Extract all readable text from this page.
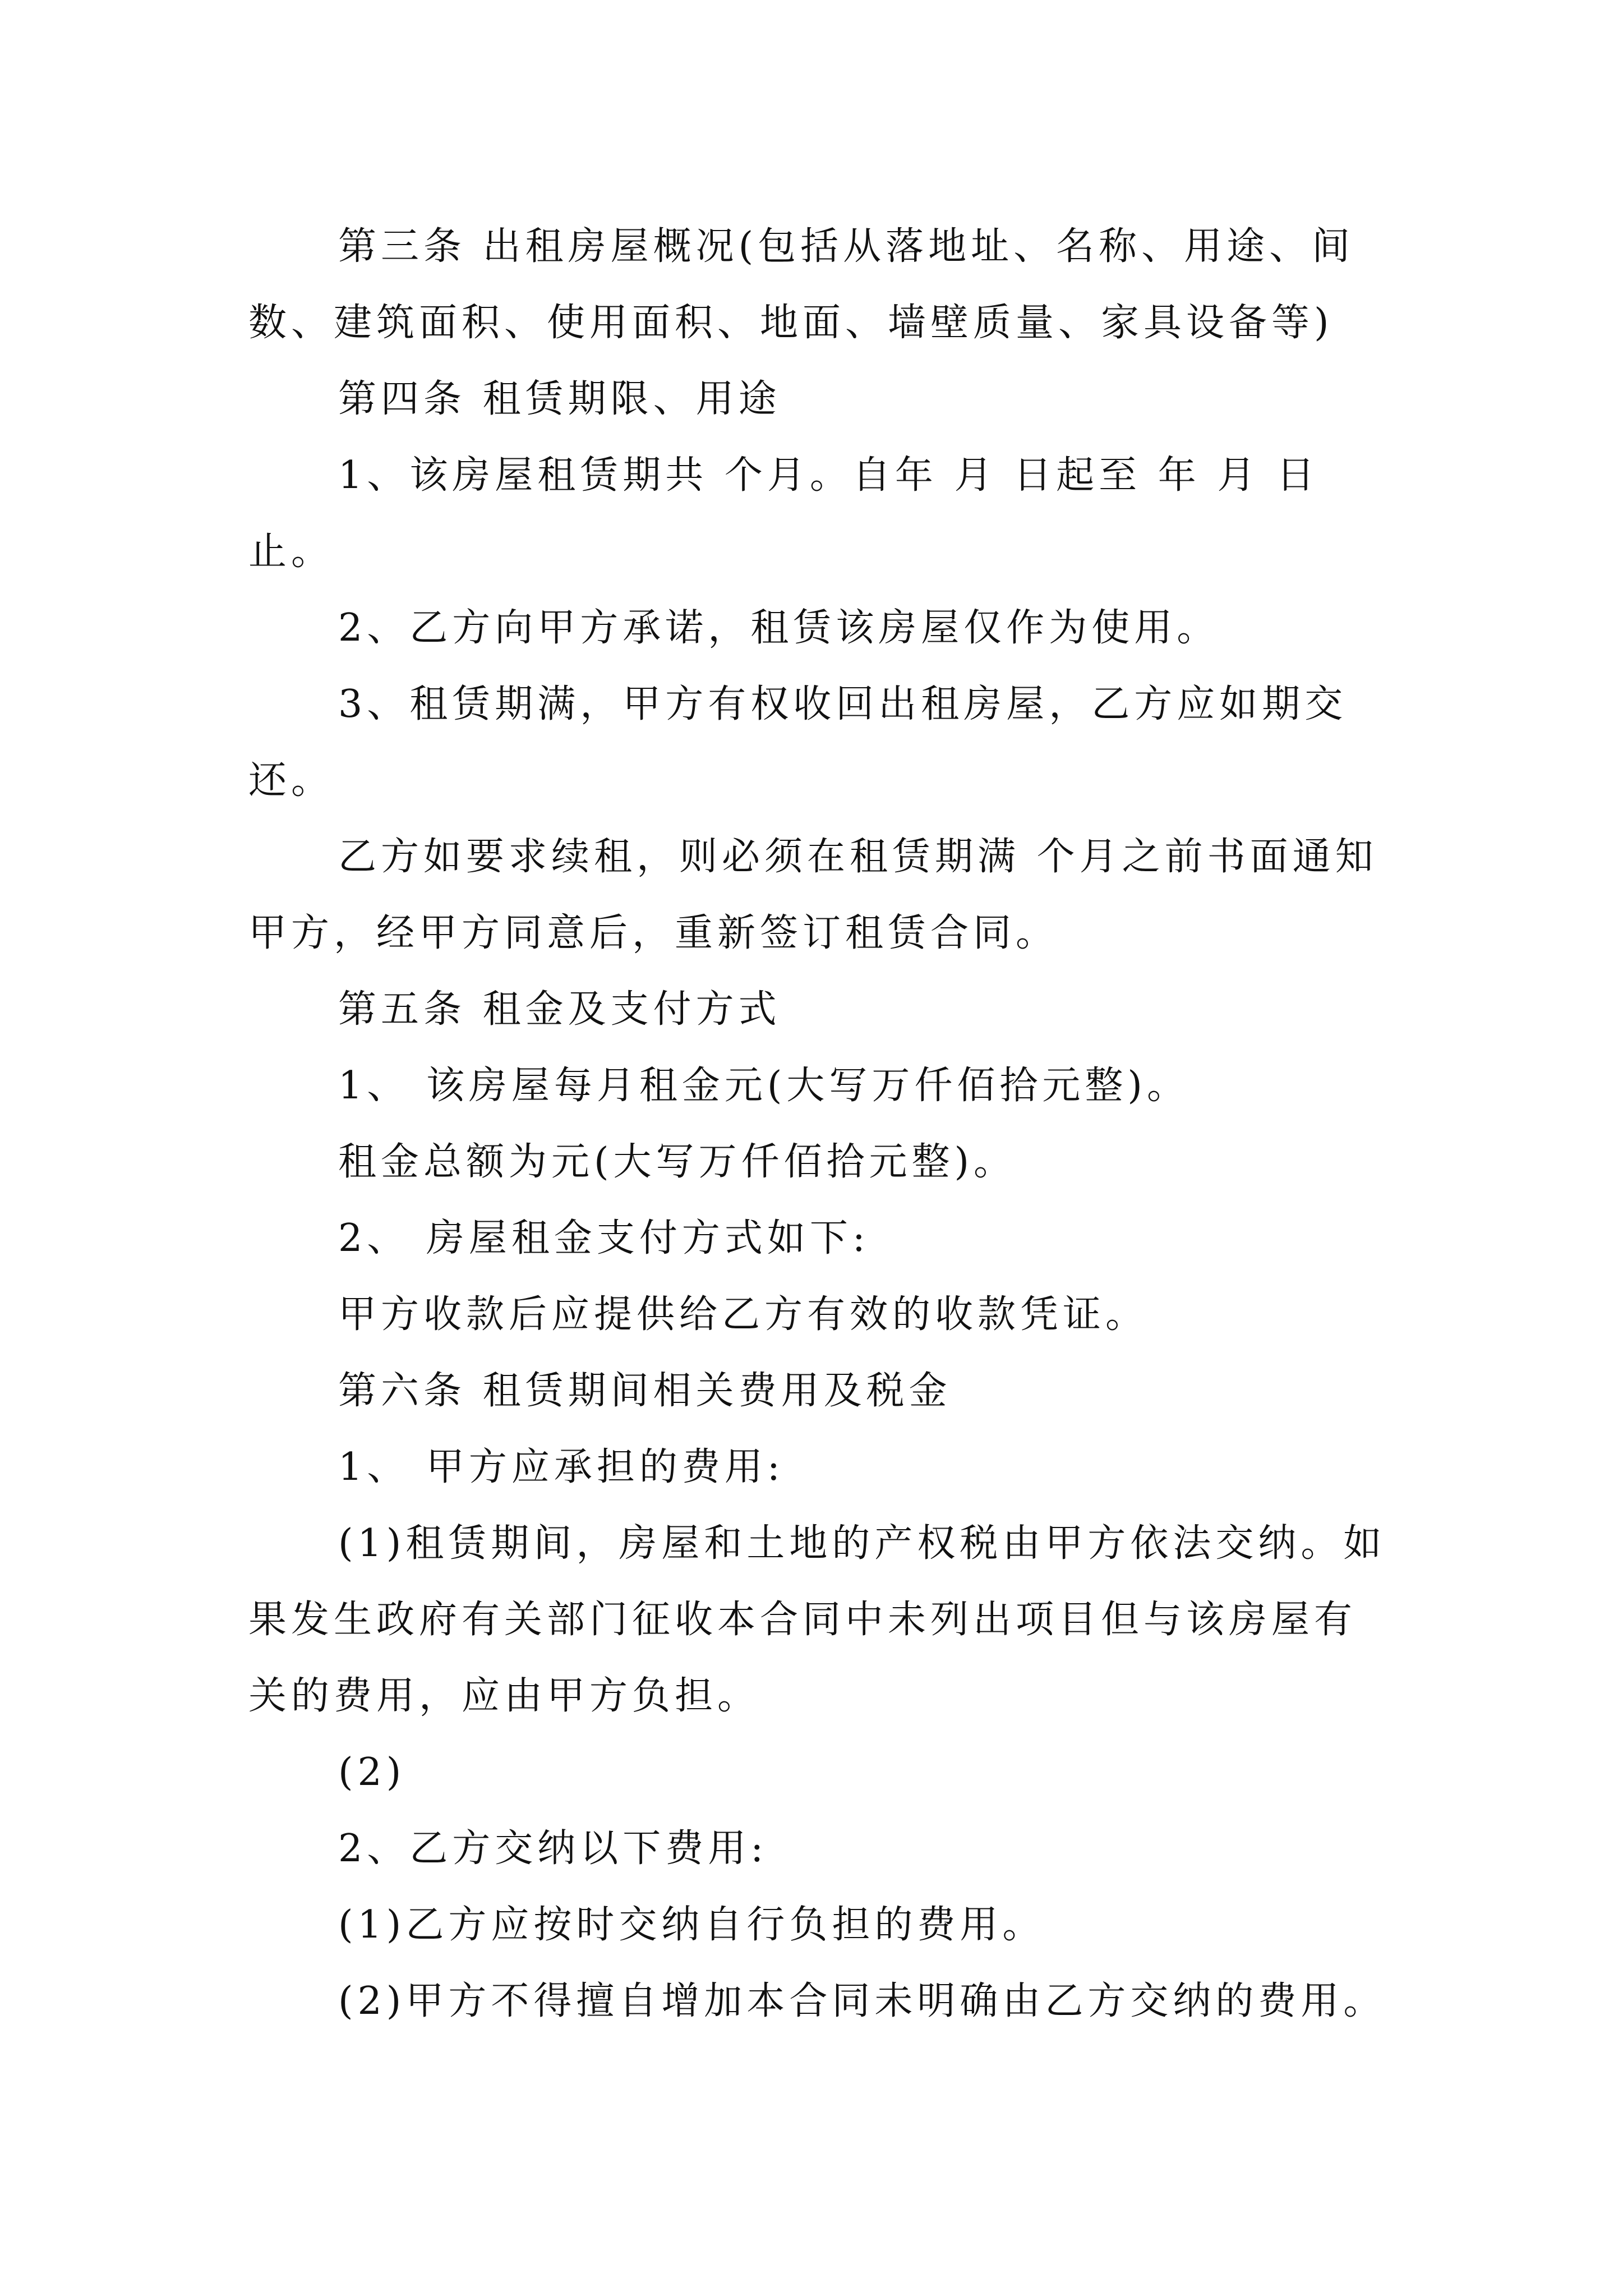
第三条 出租房屋概况(包括从落地址、名称、用途、间数、建筑面积、使用面积、地面、墙壁质量、家具设备等)

第四条 租赁期限、用途

1、该房屋租赁期共 个月。自年 月 日起至 年 月 日止。

2、乙方向甲方承诺，租赁该房屋仅作为使用。

3、租赁期满，甲方有权收回出租房屋，乙方应如期交还。

乙方如要求续租，则必须在租赁期满 个月之前书面通知甲方，经甲方同意后，重新签订租赁合同。

第五条 租金及支付方式

1、 该房屋每月租金元(大写万仟佰拾元整)。

租金总额为元(大写万仟佰拾元整)。

2、 房屋租金支付方式如下:

甲方收款后应提供给乙方有效的收款凭证。

第六条 租赁期间相关费用及税金

1、 甲方应承担的费用:

(1)租赁期间，房屋和土地的产权税由甲方依法交纳。如果发生政府有关部门征收本合同中未列出项目但与该房屋有关的费用，应由甲方负担。

(2)

2、乙方交纳以下费用:

(1)乙方应按时交纳自行负担的费用。

(2)甲方不得擅自增加本合同未明确由乙方交纳的费用。
